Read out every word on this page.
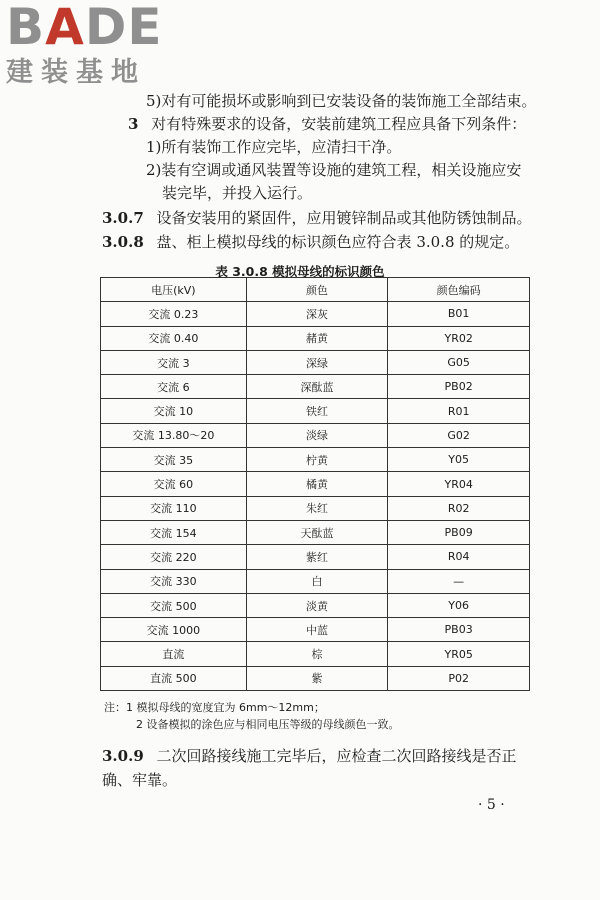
BADE
建装基地
5)对有可能损坏或影响到已安装设备的装饰施工全部结束。
3 对有特殊要求的设备，安装前建筑工程应具备下列条件：
1)所有装饰工作应完毕，应清扫干净。
2)装有空调或通风装置等设施的建筑工程，相关设施应安
装完毕，并投入运行。
3.0.7 设备安装用的紧固件，应用镀锌制品或其他防锈蚀制品。
3.0.8 盘、柜上模拟母线的标识颜色应符合表 3.0.8 的规定。
表 3.0.8 模拟母线的标识颜色
电压(kV)	颜色	颜色编码
交流 0.23	深灰	B01
交流 0.40	赭黄	YR02
交流 3	深绿	G05
交流 6	深酞蓝	PB02
交流 10	铁红	R01
交流 13.80～20	淡绿	G02
交流 35	柠黄	Y05
交流 60	橘黄	YR04
交流 110	朱红	R02
交流 154	天酞蓝	PB09
交流 220	紫红	R04
交流 330	白	—
交流 500	淡黄	Y06
交流 1000	中蓝	PB03
直流	棕	YR05
直流 500	紫	P02
注：1 模拟母线的宽度宜为 6mm～12mm；
2 设备模拟的涂色应与相同电压等级的母线颜色一致。
3.0.9 二次回路接线施工完毕后，应检查二次回路接线是否正
确、牢靠。
· 5 ·
